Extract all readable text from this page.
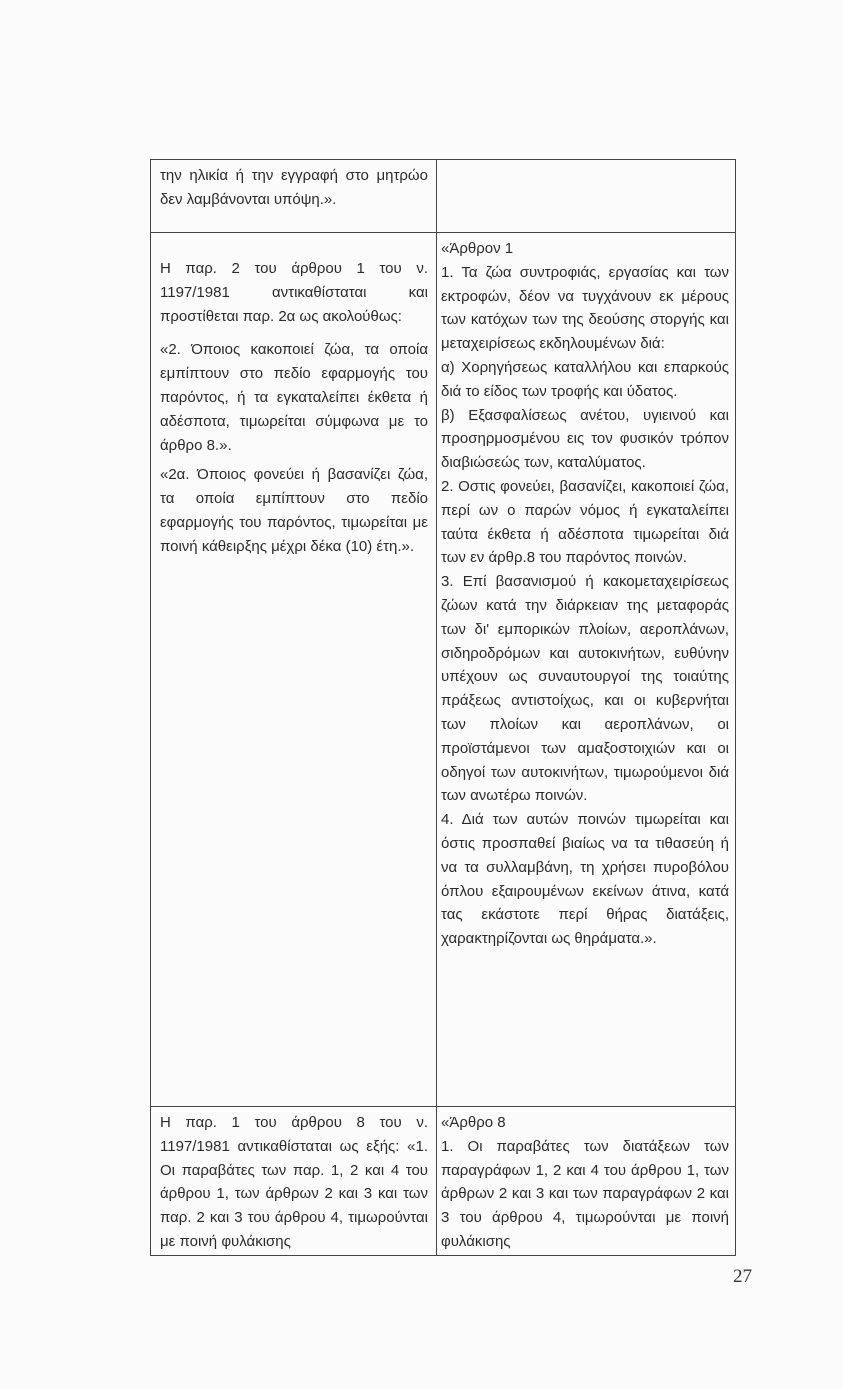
την ηλικία ή την εγγραφή στο μητρώο δεν λαμβάνονται υπόψη.».

Η παρ. 2 του άρθρου 1 του ν. 1197/1981 αντικαθίσταται και προστίθεται παρ. 2α ως ακολούθως:

«2. Όποιος κακοποιεί ζώα, τα οποία εμπίπτουν στο πεδίο εφαρμογής του παρόντος, ή τα εγκαταλείπει έκθετα ή αδέσποτα, τιμωρείται σύμφωνα με το άρθρο 8.».

«2α. Όποιος φονεύει ή βασανίζει ζώα, τα οποία εμπίπτουν στο πεδίο εφαρμογής του παρόντος, τιμωρείται με ποινή κάθειρξης μέχρι δέκα (10) έτη.».

«Άρθρον 1

1. Τα ζώα συντροφιάς, εργασίας και των εκτροφών, δέον να τυγχάνουν εκ μέρους των κατόχων των της δεούσης στοργής και μεταχειρίσεως εκδηλουμένων διά:

α) Χορηγήσεως καταλλήλου και επαρκούς διά το είδος των τροφής και ύδατος.

β) Εξασφαλίσεως ανέτου, υγιεινού και προσηρμοσμένου εις τον φυσικόν τρόπον διαβιώσεώς των, καταλύματος.

2. Οστις φονεύει, βασανίζει, κακοποιεί ζώα, περί ων ο παρών νόμος ή εγκαταλείπει ταύτα έκθετα ή αδέσποτα τιμωρείται διά των εν άρθρ.8 του παρόντος ποινών.

3. Επί βασανισμού ή κακομεταχειρίσεως ζώων κατά την διάρκειαν της μεταφοράς των δι' εμπορικών πλοίων, αεροπλάνων, σιδηροδρόμων και αυτοκινήτων, ευθύνην υπέχουν ως συναυτουργοί της τοιαύτης πράξεως αντιστοίχως, και οι κυβερνήται των πλοίων και αεροπλάνων, οι προϊστάμενοι των αμαξοστοιχιών και οι οδηγοί των αυτοκινήτων, τιμωρούμενοι διά των ανωτέρω ποινών.

4. Διά των αυτών ποινών τιμωρείται και όστις προσπαθεί βιαίως να τα τιθασεύη ή να τα συλλαμβάνη, τη χρήσει πυροβόλου όπλου εξαιρουμένων εκείνων άτινα, κατά τας εκάστοτε περί θήρας διατάξεις, χαρακτηρίζονται ως θηράματα.».

Η παρ. 1 του άρθρου 8 του ν. 1197/1981 αντικαθίσταται ως εξής: «1. Οι παραβάτες των παρ. 1, 2 και 4 του άρθρου 1, των άρθρων 2 και 3 και των παρ. 2 και 3 του άρθρου 4, τιμωρούνται με ποινή φυλάκισης

«Άρθρο 8

1. Οι παραβάτες των διατάξεων των παραγράφων 1, 2 και 4 του άρθρου 1, των άρθρων 2 και 3 και των παραγράφων 2 και 3 του άρθρου 4, τιμωρούνται με ποινή φυλάκισης

27
